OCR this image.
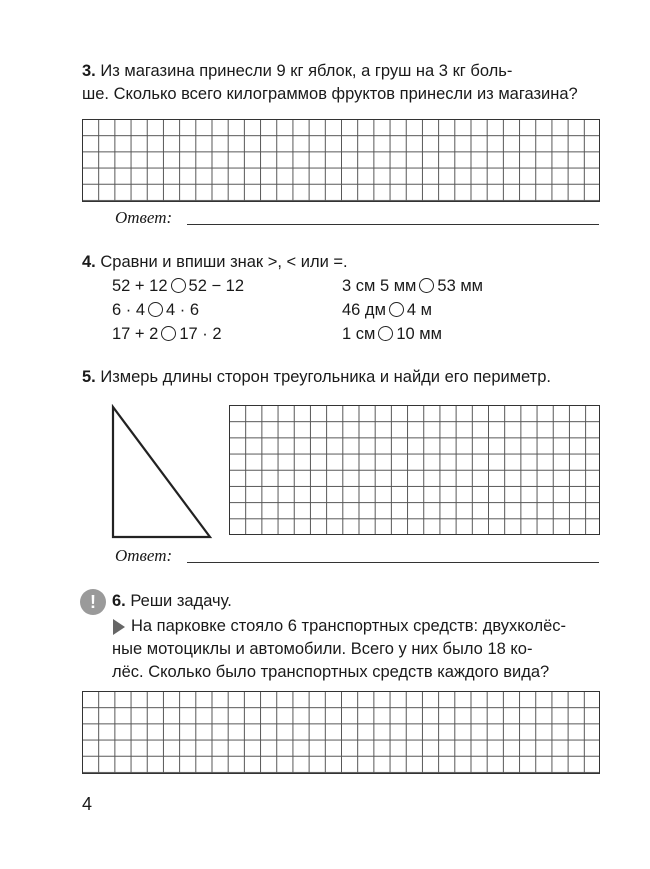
3. Из магазина принесли 9 кг яблок, а груш на 3 кг боль-
ше. Сколько всего килограммов фруктов принесли из магазина?
Ответ:
4. Сравни и впиши знак >, < или =.
52 + 12 52 − 12
6 · 4 4 · 6
17 + 2 17 · 2
3 см 5 мм 53 мм
46 дм 4 м
1 см 10 мм
5. Измерь длины сторон треугольника и найди его периметр.
Ответ:
! 6. Реши задачу.
На парковке стояло 6 транспортных средств: двухколёс-
ные мотоциклы и автомобили. Всего у них было 18 ко-
лёс. Сколько было транспортных средств каждого вида?
4
